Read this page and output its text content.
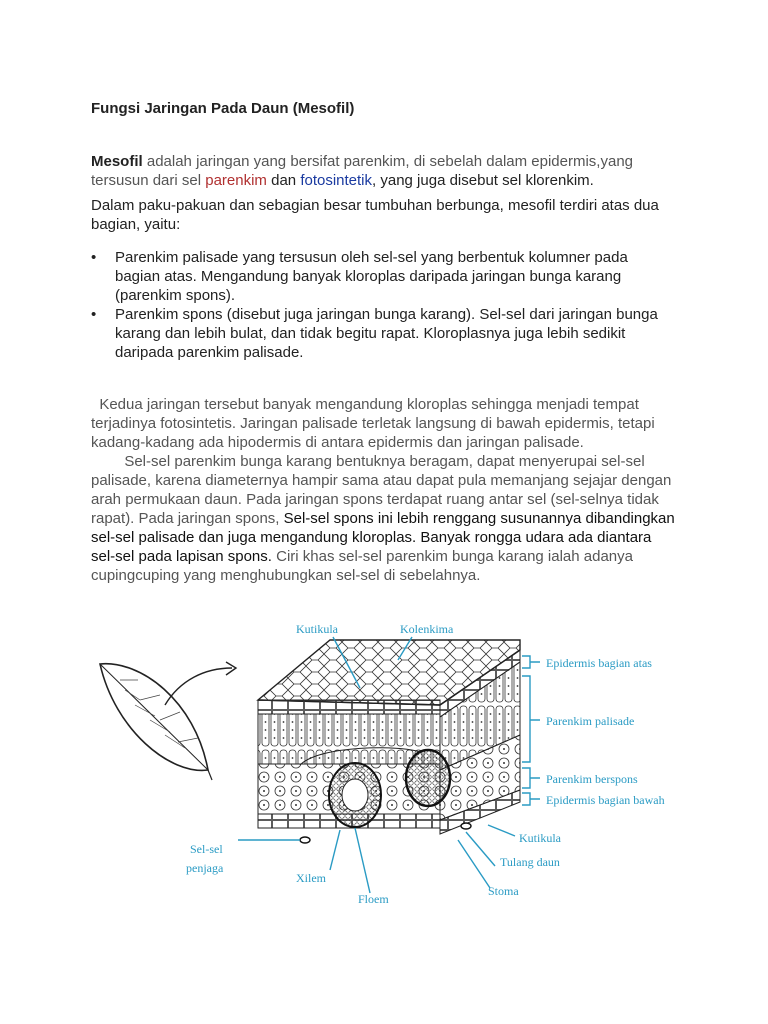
Fungsi Jaringan Pada Daun (Mesofil)
Mesofil adalah jaringan yang bersifat parenkim, di sebelah dalam epidermis,yang
tersusun dari sel parenkim dan fotosintetik, yang juga disebut sel klorenkim.
Dalam paku-pakuan dan sebagian besar tumbuhan berbunga, mesofil terdiri atas dua
bagian, yaitu:
• Parenkim palisade yang tersusun oleh sel-sel yang berbentuk kolumner pada
bagian atas. Mengandung banyak kloroplas daripada jaringan bunga karang
(parenkim spons).
• Parenkim spons (disebut juga jaringan bunga karang). Sel-sel dari jaringan bunga
karang dan lebih bulat, dan tidak begitu rapat. Kloroplasnya juga lebih sedikit
daripada parenkim palisade.
Kedua jaringan tersebut banyak mengandung kloroplas sehingga menjadi tempat
terjadinya fotosintetis. Jaringan palisade terletak langsung di bawah epidermis, tetapi
kadang-kadang ada hipodermis di antara epidermis dan jaringan palisade.
Sel-sel parenkim bunga karang bentuknya beragam, dapat menyerupai sel-sel
palisade, karena diameternya hampir sama atau dapat pula memanjang sejajar dengan
arah permukaan daun. Pada jaringan spons terdapat ruang antar sel (sel-selnya tidak
rapat). Pada jaringan spons, Sel-sel spons ini lebih renggang susunannya dibandingkan
sel-sel palisade dan juga mengandung kloroplas. Banyak rongga udara ada diantara
sel-sel pada lapisan spons. Ciri khas sel-sel parenkim bunga karang ialah adanya
cupingcuping yang menghubungkan sel-sel di sebelahnya.
Kutikula	Kolenkima
Epidermis bagian atas
Parenkim palisade
Parenkim berspons
Epidermis bagian bawah
Kutikula
Tulang daun
Stoma
Floem
Xilem
Sel-sel
penjaga
